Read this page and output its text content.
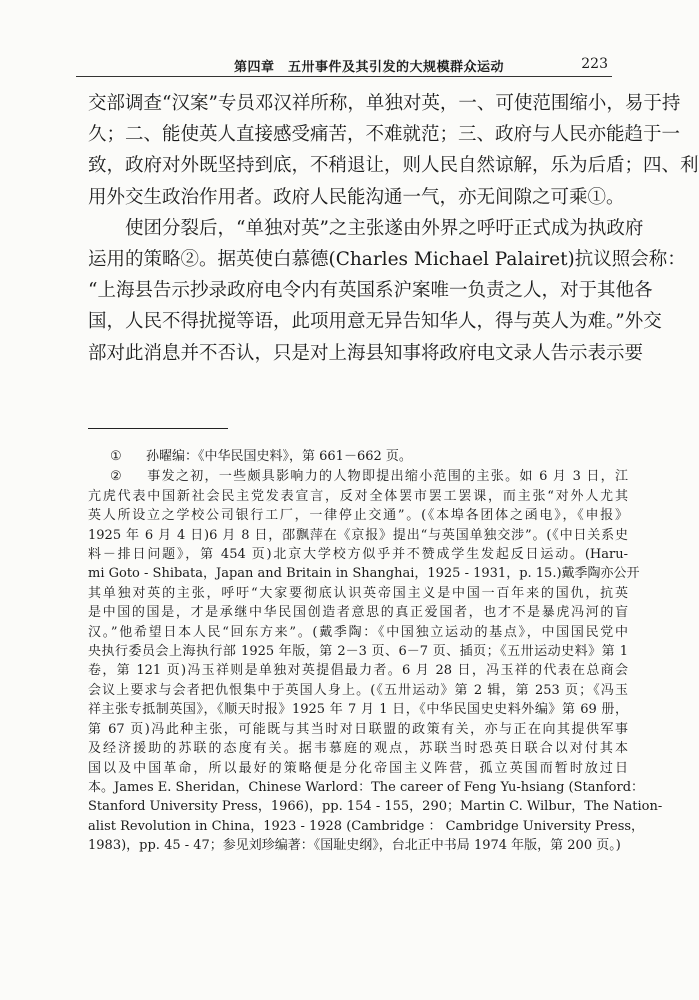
第四章　五卅事件及其引发的大规模群众运动	223

交部调查“汉案”专员邓汉祥所称，单独对英，一、可使范围缩小，易于持
久；二、能使英人直接感受痛苦，不难就范；三、政府与人民亦能趋于一
致，政府对外既坚持到底，不稍退让，则人民自然谅解，乐为后盾；四、利
用外交生政治作用者。政府人民能沟通一气，亦无间隙之可乘①。

使团分裂后，“单独对英”之主张遂由外界之呼吁正式成为执政府
运用的策略②。据英使白慕德(Charles Michael Palairet)抗议照会称：
“上海县告示抄录政府电令内有英国系沪案唯一负责之人，对于其他各
国，人民不得扰搅等语，此项用意无异告知华人，得与英人为难。”外交
部对此消息并不否认，只是对上海县知事将政府电文录人告示表示要

① 孙曜编：《中华民国史料》，第 661－662 页。

② 事发之初，一些颇具影响力的人物即提出缩小范围的主张。如 6 月 3 日，江
亢虎代表中国新社会民主党发表宣言，反对全体罢市罢工罢课，而主张“对外人尤其
英人所设立之学校公司银行工厂，一律停止交通”。(《本埠各团体之函电》，《申报》
1925 年 6 月 4 日)6 月 8 日，邵飘萍在《京报》提出“与英国单独交涉”。(《中日关系史
料－排日问题》，第 454 页)北京大学校方似乎并不赞成学生发起反日运动。(Haru-
mi Goto - Shibata，Japan and Britain in Shanghai，1925 - 1931，p. 15.)戴季陶亦公开
其单独对英的主张，呼吁“大家要彻底认识英帝国主义是中国一百年来的国仇，抗英
是中国的国是，才是承继中华民国创造者意思的真正爱国者，也才不是暴虎冯河的盲
汉。”他希望日本人民“回东方来”。(戴季陶：《中国独立运动的基点》，中国国民党中
央执行委员会上海执行部 1925 年版，第 2－3 页、6－7 页、插页；《五卅运动史料》第 1
卷，第 121 页)冯玉祥则是单独对英提倡最力者。6 月 28 日，冯玉祥的代表在总商会
会议上要求与会者把仇恨集中于英国人身上。(《五卅运动》第 2 辑，第 253 页；《冯玉
祥主张专抵制英国》，《顺天时报》1925 年 7 月 1 日，《中华民国史史料外编》第 69 册，
第 67 页)冯此种主张，可能既与其当时对日联盟的政策有关，亦与正在向其提供军事
及经济援助的苏联的态度有关。据韦慕庭的观点，苏联当时恐英日联合以对付其本
国以及中国革命，所以最好的策略便是分化帝国主义阵营，孤立英国而暂时放过日
本。James E. Sheridan，Chinese Warlord：The career of Feng Yu-hsiang (Stanford：
Stanford University Press，1966)，pp. 154 - 155，290；Martin C. Wilbur，The Nation-
alist Revolution in China，1923 - 1928 (Cambridge ： Cambridge University Press，
1983)，pp. 45 - 47；参见刘珍编著：《国耻史纲》，台北正中书局 1974 年版，第 200 页。)
